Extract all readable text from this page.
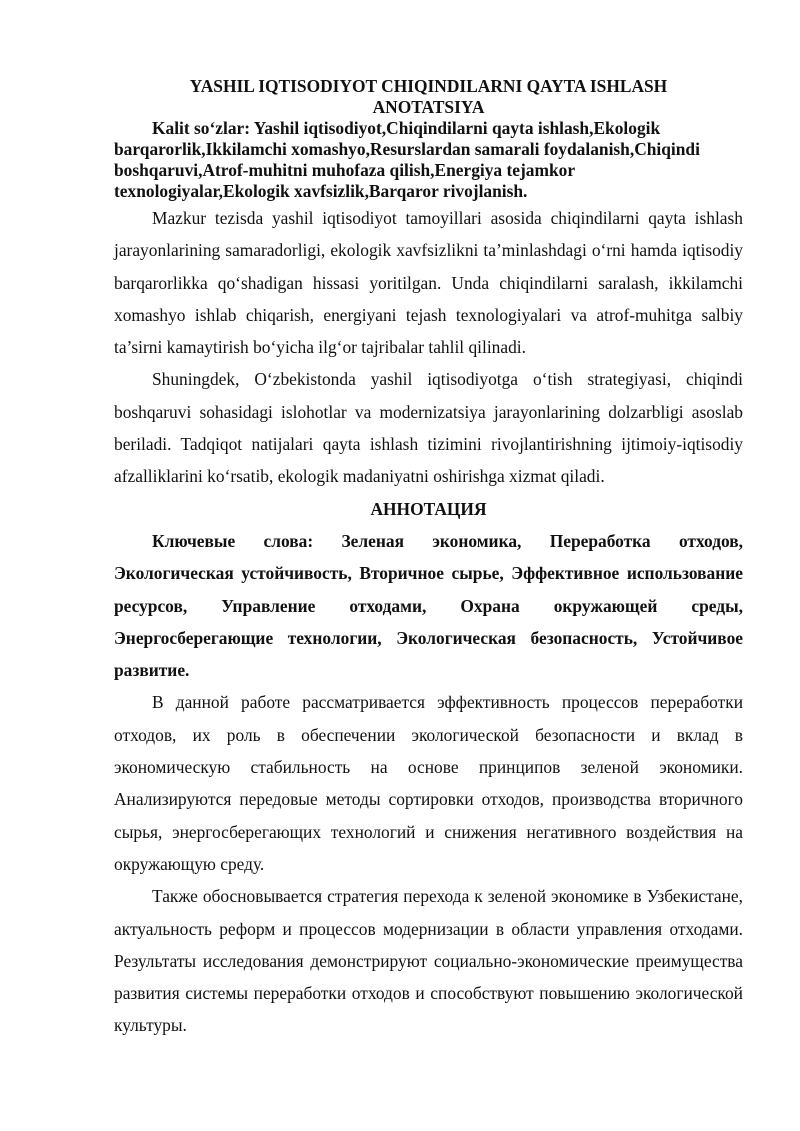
YASHIL IQTISODIYOT CHIQINDILARNI QAYTA ISHLASH
ANOTATSIYA

Kalit so‘zlar: Yashil iqtisodiyot,Chiqindilarni qayta ishlash,Ekologik barqarorlik,Ikkilamchi xomashyo,Resurslardan samarali foydalanish,Chiqindi boshqaruvi,Atrof-muhitni muhofaza qilish,Energiya tejamkor texnologiyalar,Ekologik xavfsizlik,Barqaror rivojlanish.

Mazkur tezisda yashil iqtisodiyot tamoyillari asosida chiqindilarni qayta ishlash jarayonlarining samaradorligi, ekologik xavfsizlikni ta’minlashdagi o‘rni hamda iqtisodiy barqarorlikka qo‘shadigan hissasi yoritilgan. Unda chiqindilarni saralash, ikkilamchi xomashyo ishlab chiqarish, energiyani tejash texnologiyalari va atrof-muhitga salbiy ta’sirni kamaytirish bo‘yicha ilg‘or tajribalar tahlil qilinadi.

Shuningdek, O‘zbekistonda yashil iqtisodiyotga o‘tish strategiyasi, chiqindi boshqaruvi sohasidagi islohotlar va modernizatsiya jarayonlarining dolzarbligi asoslab beriladi. Tadqiqot natijalari qayta ishlash tizimini rivojlantirishning ijtimoiy-iqtisodiy afzalliklarini ko‘rsatib, ekologik madaniyatni oshirishga xizmat qiladi.

АННОТАЦИЯ

Ключевые слова: Зеленая экономика, Переработка отходов, Экологическая устойчивость, Вторичное сырье, Эффективное использование ресурсов, Управление отходами, Охрана окружающей среды, Энергосберегающие технологии, Экологическая безопасность, Устойчивое развитие.

В данной работе рассматривается эффективность процессов переработки отходов, их роль в обеспечении экологической безопасности и вклад в экономическую стабильность на основе принципов зеленой экономики. Анализируются передовые методы сортировки отходов, производства вторичного сырья, энергосберегающих технологий и снижения негативного воздействия на окружающую среду.

Также обосновывается стратегия перехода к зеленой экономике в Узбекистане, актуальность реформ и процессов модернизации в области управления отходами. Результаты исследования демонстрируют социально-экономические преимущества развития системы переработки отходов и способствуют повышению экологической культуры.
